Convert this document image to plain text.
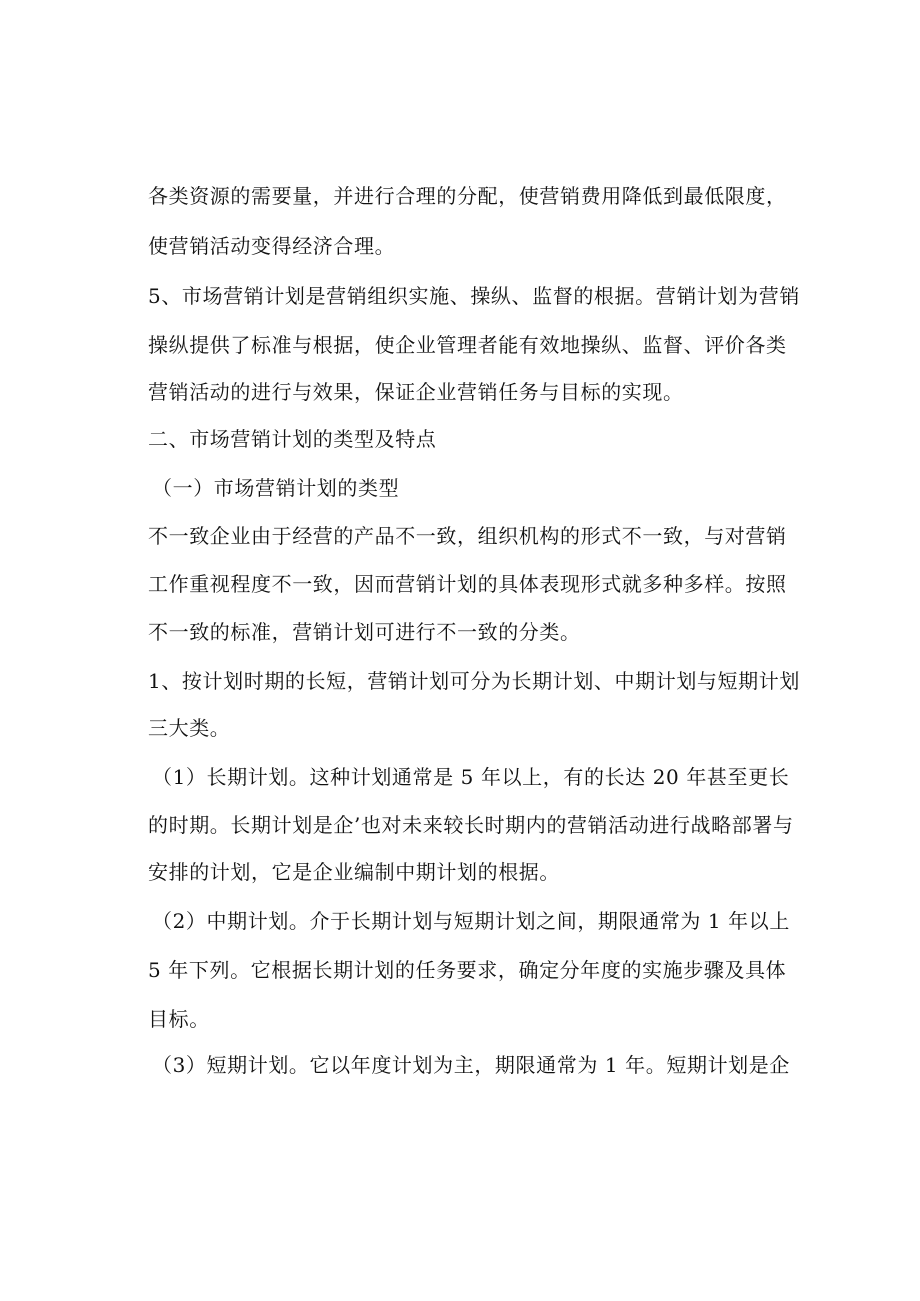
各类资源的需要量，并进行合理的分配，使营销费用降低到最低限度，
使营销活动变得经济合理。
5、市场营销计划是营销组织实施、操纵、监督的根据。营销计划为营销
操纵提供了标准与根据，使企业管理者能有效地操纵、监督、评价各类
营销活动的进行与效果，保证企业营销任务与目标的实现。
二、市场营销计划的类型及特点
（一）市场营销计划的类型
不一致企业由于经营的产品不一致，组织机构的形式不一致，与对营销
工作重视程度不一致，因而营销计划的具体表现形式就多种多样。按照
不一致的标准，营销计划可进行不一致的分类。
1、按计划时期的长短，营销计划可分为长期计划、中期计划与短期计划
三大类。
（1）长期计划。这种计划通常是 5 年以上，有的长达 20 年甚至更长
的时期。长期计划是企’也对未来较长时期内的营销活动进行战略部署与
安排的计划，它是企业编制中期计划的根据。
（2）中期计划。介于长期计划与短期计划之间，期限通常为 1 年以上
5 年下列。它根据长期计划的任务要求，确定分年度的实施步骤及具体
目标。
（3）短期计划。它以年度计划为主，期限通常为 1 年。短期计划是企
